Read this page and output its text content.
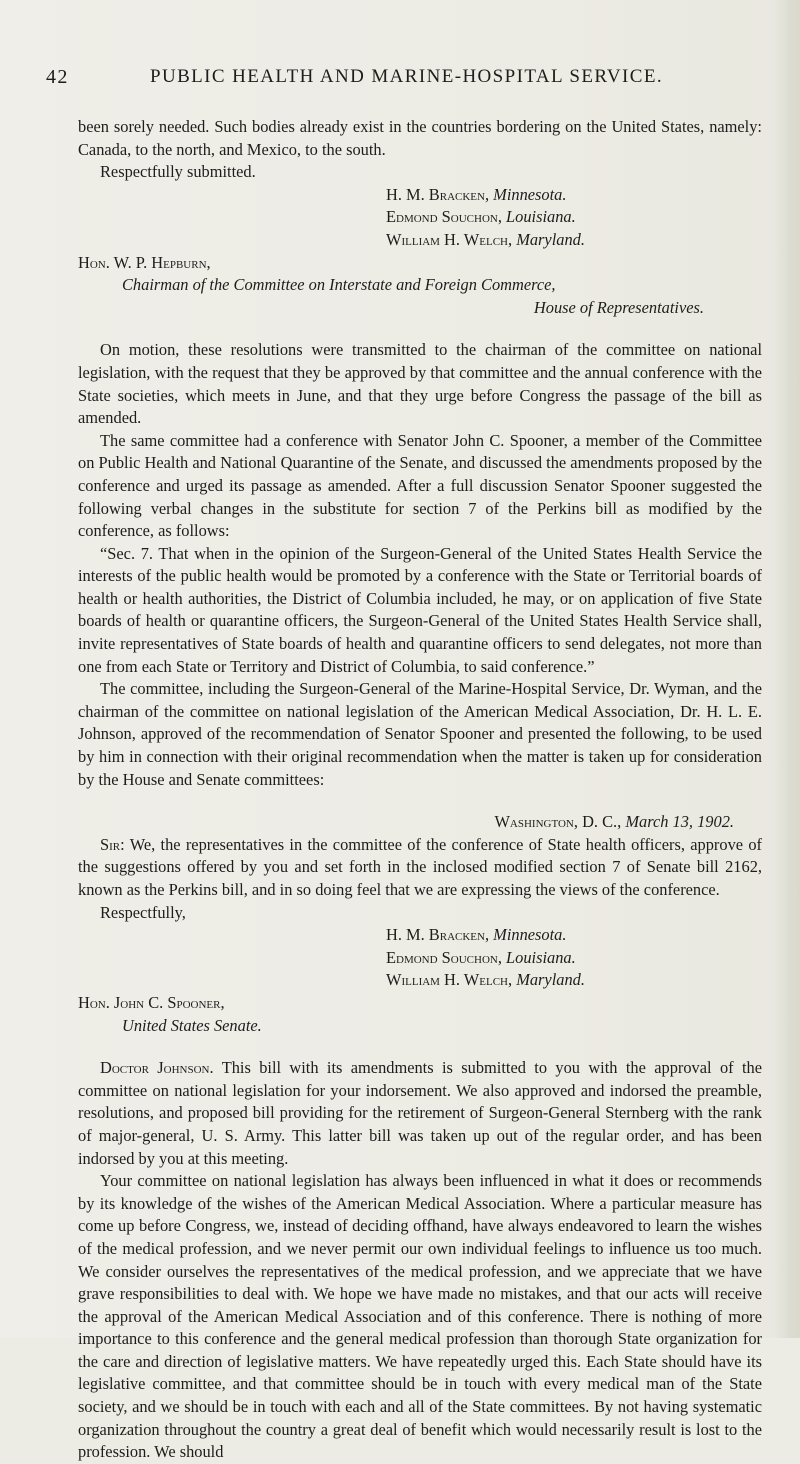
42	PUBLIC HEALTH AND MARINE-HOSPITAL SERVICE.

been sorely needed. Such bodies already exist in the countries bordering on the United States, namely: Canada, to the north, and Mexico, to the south.

Respectfully submitted.

H. M. Bracken, Minnesota.
Edmond Souchon, Louisiana.
William H. Welch, Maryland.
Hon. W. P. Hepburn,
Chairman of the Committee on Interstate and Foreign Commerce,
House of Representatives.

On motion, these resolutions were transmitted to the chairman of the committee on national legislation, with the request that they be approved by that committee and the annual conference with the State societies, which meets in June, and that they urge before Congress the passage of the bill as amended.

The same committee had a conference with Senator John C. Spooner, a member of the Committee on Public Health and National Quarantine of the Senate, and discussed the amendments proposed by the conference and urged its passage as amended. After a full discussion Senator Spooner suggested the following verbal changes in the substitute for section 7 of the Perkins bill as modified by the conference, as follows:

“Sec. 7. That when in the opinion of the Surgeon-General of the United States Health Service the interests of the public health would be promoted by a conference with the State or Territorial boards of health or health authorities, the District of Columbia included, he may, or on application of five State boards of health or quarantine officers, the Surgeon-General of the United States Health Service shall, invite representatives of State boards of health and quarantine officers to send delegates, not more than one from each State or Territory and District of Columbia, to said conference.”

The committee, including the Surgeon-General of the Marine-Hospital Service, Dr. Wyman, and the chairman of the committee on national legislation of the American Medical Association, Dr. H. L. E. Johnson, approved of the recommendation of Senator Spooner and presented the following, to be used by him in connection with their original recommendation when the matter is taken up for consideration by the House and Senate committees:

Washington, D. C., March 13, 1902.

Sir: We, the representatives in the committee of the conference of State health officers, approve of the suggestions offered by you and set forth in the inclosed modified section 7 of Senate bill 2162, known as the Perkins bill, and in so doing feel that we are expressing the views of the conference.

Respectfully,

H. M. Bracken, Minnesota.
Edmond Souchon, Louisiana.
William H. Welch, Maryland.
Hon. John C. Spooner,
United States Senate.

Doctor Johnson. This bill with its amendments is submitted to you with the approval of the committee on national legislation for your indorsement. We also approved and indorsed the preamble, resolutions, and proposed bill providing for the retirement of Surgeon-General Sternberg with the rank of major-general, U. S. Army. This latter bill was taken up out of the regular order, and has been indorsed by you at this meeting.

Your committee on national legislation has always been influenced in what it does or recommends by its knowledge of the wishes of the American Medical Association. Where a particular measure has come up before Congress, we, instead of deciding offhand, have always endeavored to learn the wishes of the medical profession, and we never permit our own individual feelings to influence us too much. We consider ourselves the representatives of the medical profession, and we appreciate that we have grave responsibilities to deal with. We hope we have made no mistakes, and that our acts will receive the approval of the American Medical Association and of this conference. There is nothing of more importance to this conference and the general medical profession than thorough State organization for the care and direction of legislative matters. We have repeatedly urged this. Each State should have its legislative committee, and that committee should be in touch with every medical man of the State society, and we should be in touch with each and all of the State committees. By not having systematic organization throughout the country a great deal of benefit which would necessarily result is lost to the profession. We should
